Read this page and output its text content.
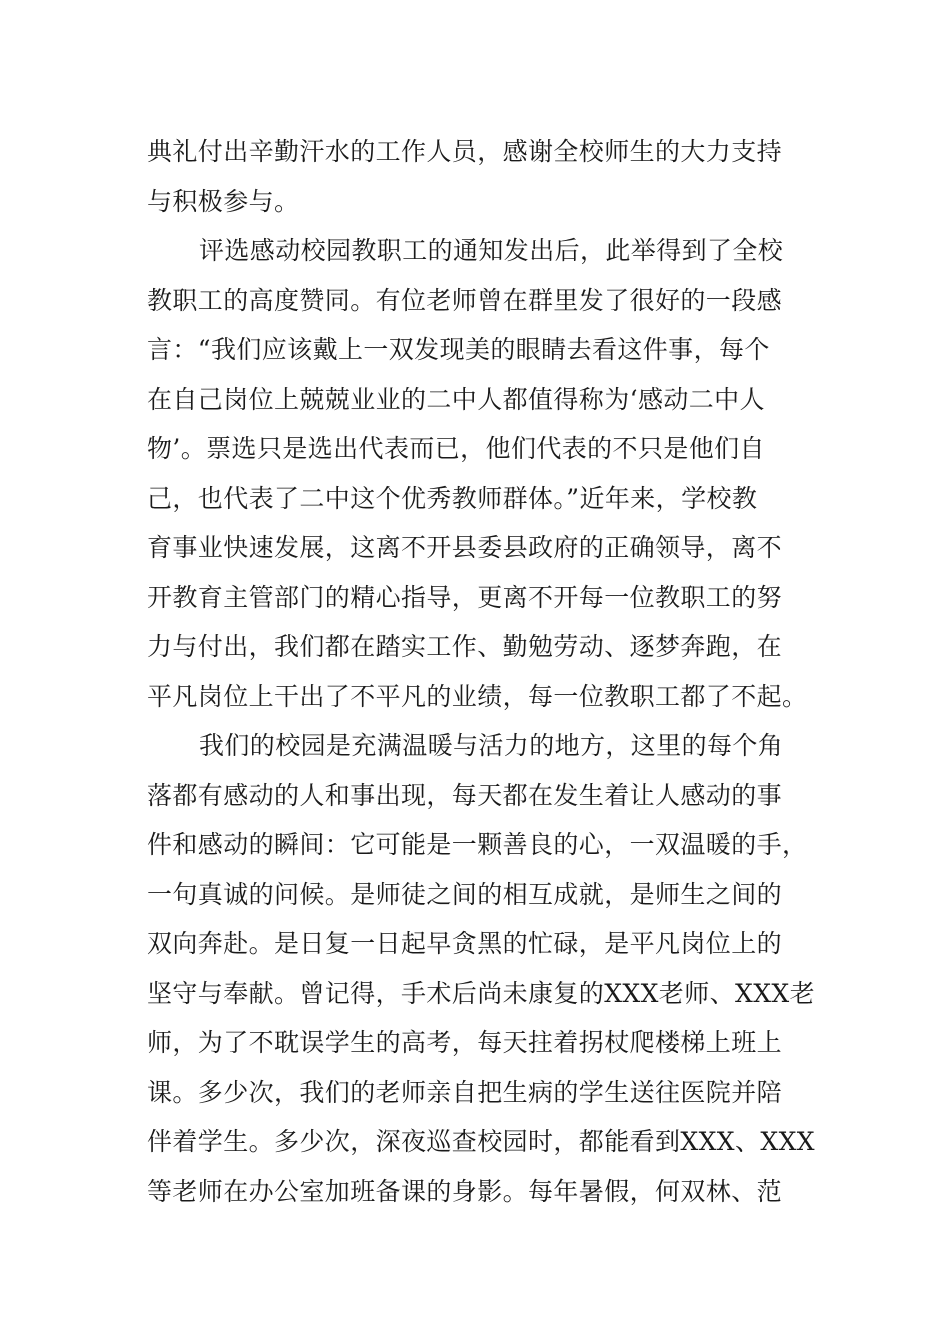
典礼付出辛勤汗水的工作人员，感谢全校师生的大力支持
与积极参与。
评选感动校园教职工的通知发出后，此举得到了全校
教职工的高度赞同。有位老师曾在群里发了很好的一段感
言：“我们应该戴上一双发现美的眼睛去看这件事，每个
在自己岗位上兢兢业业的二中人都值得称为‘感动二中人
物’。票选只是选出代表而已，他们代表的不只是他们自
己，也代表了二中这个优秀教师群体。”近年来，学校教
育事业快速发展，这离不开县委县政府的正确领导，离不
开教育主管部门的精心指导，更离不开每一位教职工的努
力与付出，我们都在踏实工作、勤勉劳动、逐梦奔跑，在
平凡岗位上干出了不平凡的业绩，每一位教职工都了不起。
我们的校园是充满温暖与活力的地方，这里的每个角
落都有感动的人和事出现，每天都在发生着让人感动的事
件和感动的瞬间：它可能是一颗善良的心，一双温暖的手，
一句真诚的问候。是师徒之间的相互成就，是师生之间的
双向奔赴。是日复一日起早贪黑的忙碌，是平凡岗位上的
坚守与奉献。曾记得，手术后尚未康复的XXX老师、XXX老
师，为了不耽误学生的高考，每天拄着拐杖爬楼梯上班上
课。多少次，我们的老师亲自把生病的学生送往医院并陪
伴着学生。多少次，深夜巡查校园时，都能看到XXX、XXX
等老师在办公室加班备课的身影。每年暑假，何双林、范
